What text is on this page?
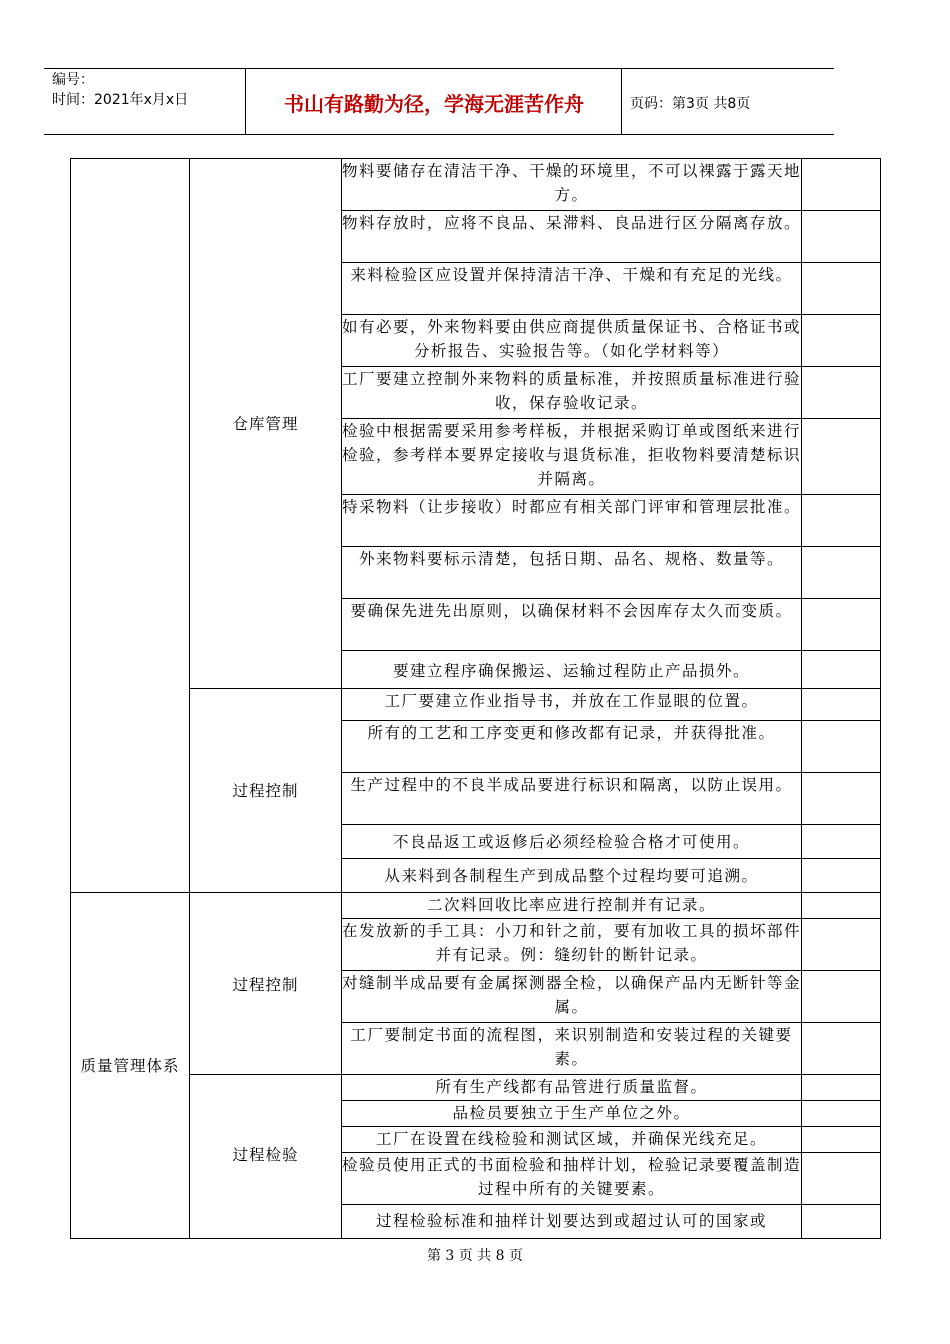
编号：
时间：2021年x月x日	书山有路勤为径，学海无涯苦作舟	页码：第3页 共8页
	仓库管理	物料要储存在清洁干净、干燥的环境里，不可以裸露于露天地方。	
		物料存放时，应将不良品、呆滞料、良品进行区分隔离存放。	
		来料检验区应设置并保持清洁干净、干燥和有充足的光线。	
		如有必要，外来物料要由供应商提供质量保证书、合格证书或分析报告、实验报告等。（如化学材料等）	
		工厂要建立控制外来物料的质量标准，并按照质量标准进行验收，保存验收记录。	
		检验中根据需要采用参考样板，并根据采购订单或图纸来进行检验，参考样本要界定接收与退货标准，拒收物料要清楚标识并隔离。	
		特采物料（让步接收）时都应有相关部门评审和管理层批准。	
		外来物料要标示清楚，包括日期、品名、规格、数量等。	
		要确保先进先出原则，以确保材料不会因库存太久而变质。	
		要建立程序确保搬运、运输过程防止产品损外。	
	过程控制	工厂要建立作业指导书，并放在工作显眼的位置。	
		所有的工艺和工序变更和修改都有记录，并获得批准。	
		生产过程中的不良半成品要进行标识和隔离，以防止误用。	
		不良品返工或返修后必须经检验合格才可使用。	
		从来料到各制程生产到成品整个过程均要可追溯。	
质量管理体系	过程控制	二次料回收比率应进行控制并有记录。	
		在发放新的手工具：小刀和针之前，要有加收工具的损坏部件并有记录。例：缝纫针的断针记录。	
		对缝制半成品要有金属探测器全检，以确保产品内无断针等金属。	
		工厂要制定书面的流程图，来识别制造和安装过程的关键要素。	
	过程检验	所有生产线都有品管进行质量监督。	
		品检员要独立于生产单位之外。	
		工厂在设置在线检验和测试区域，并确保光线充足。	
		检验员使用正式的书面检验和抽样计划，检验记录要覆盖制造过程中所有的关键要素。	
		过程检验标准和抽样计划要达到或超过认可的国家或	
第 3 页 共 8 页
